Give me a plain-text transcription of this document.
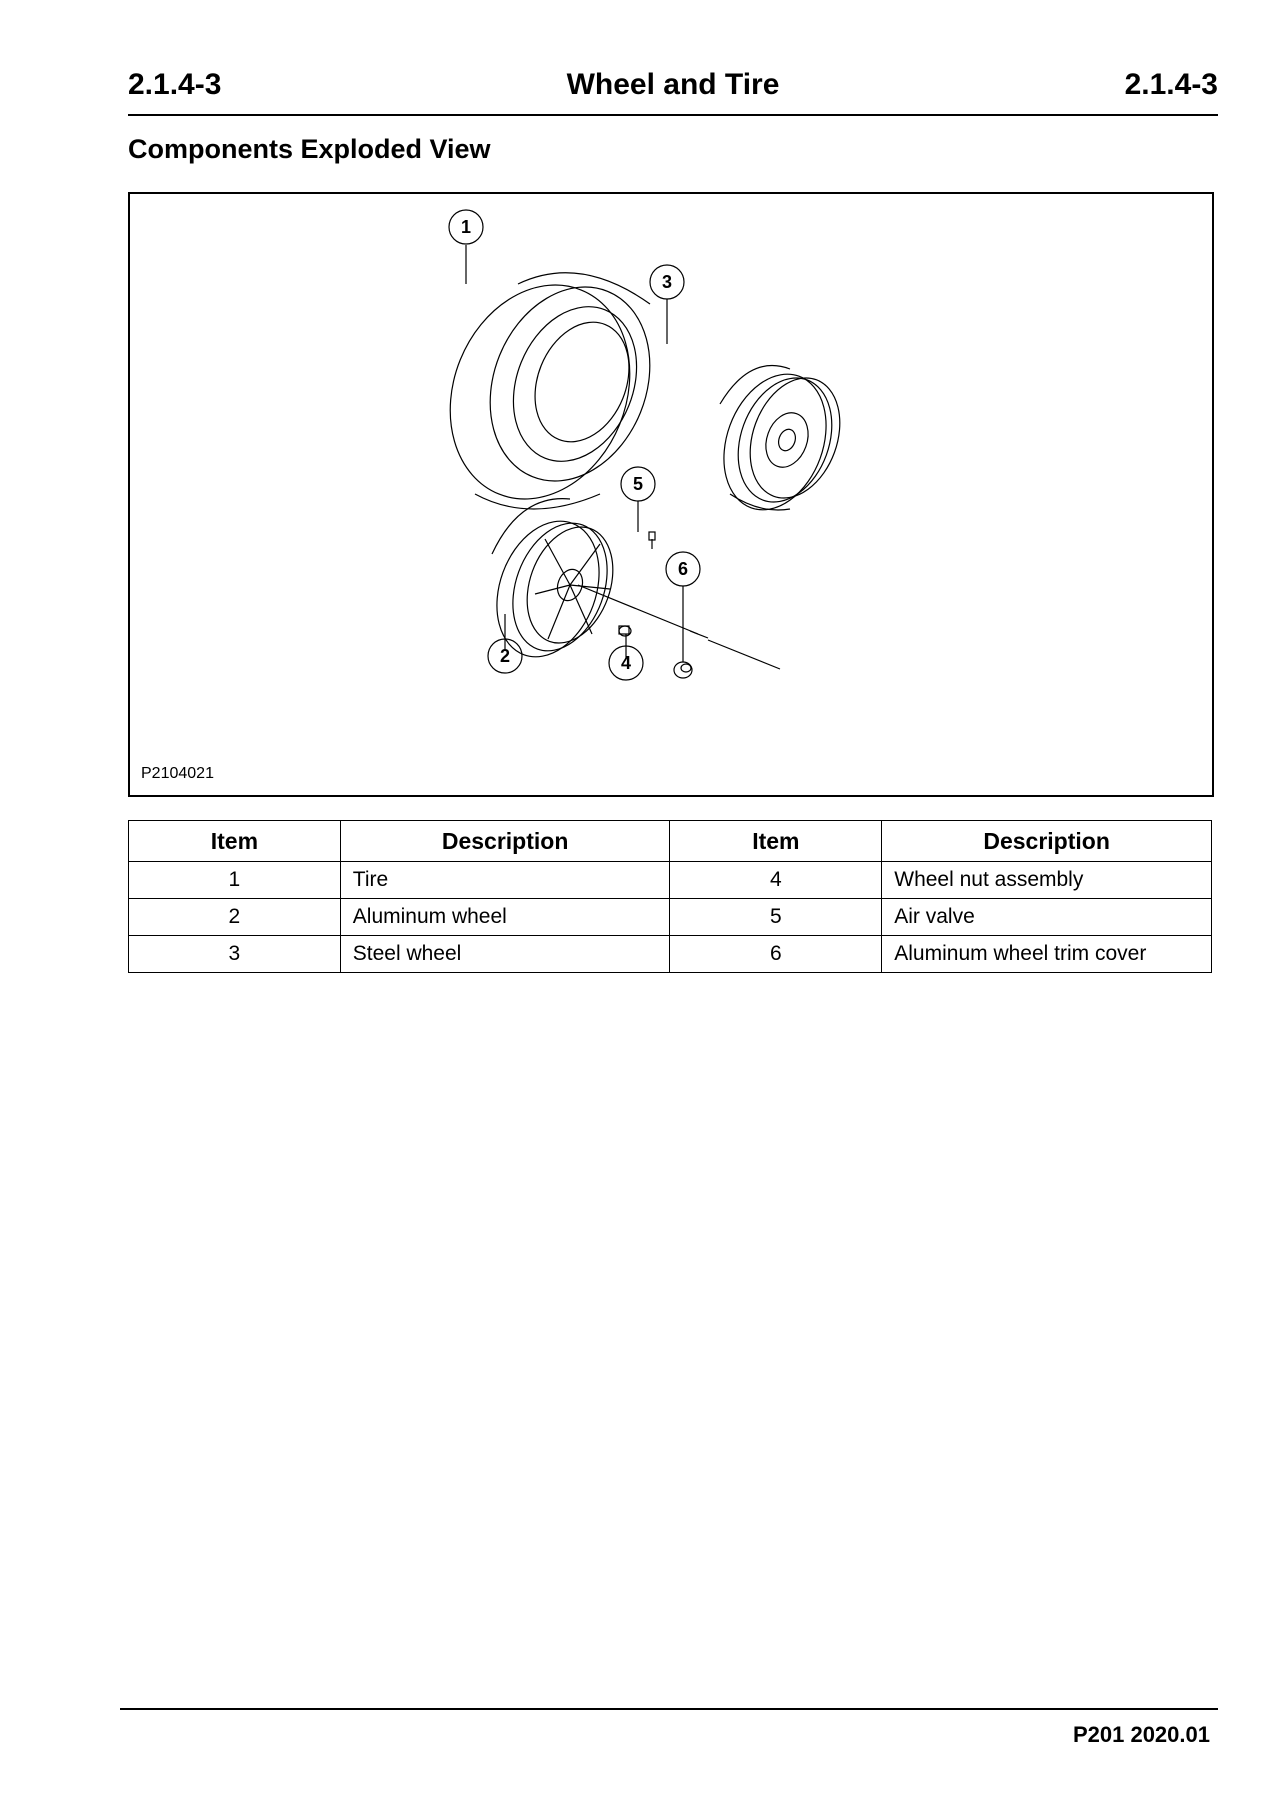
2.1.4-3	Wheel and Tire	2.1.4-3
Components Exploded View
1
3
5
6
2	4
P2104021
Item	Description	Item	Description
1	Tire	4	Wheel nut assembly
2	Aluminum wheel	5	Air valve
3	Steel wheel	6	Aluminum wheel trim cover
P201 2020.01
